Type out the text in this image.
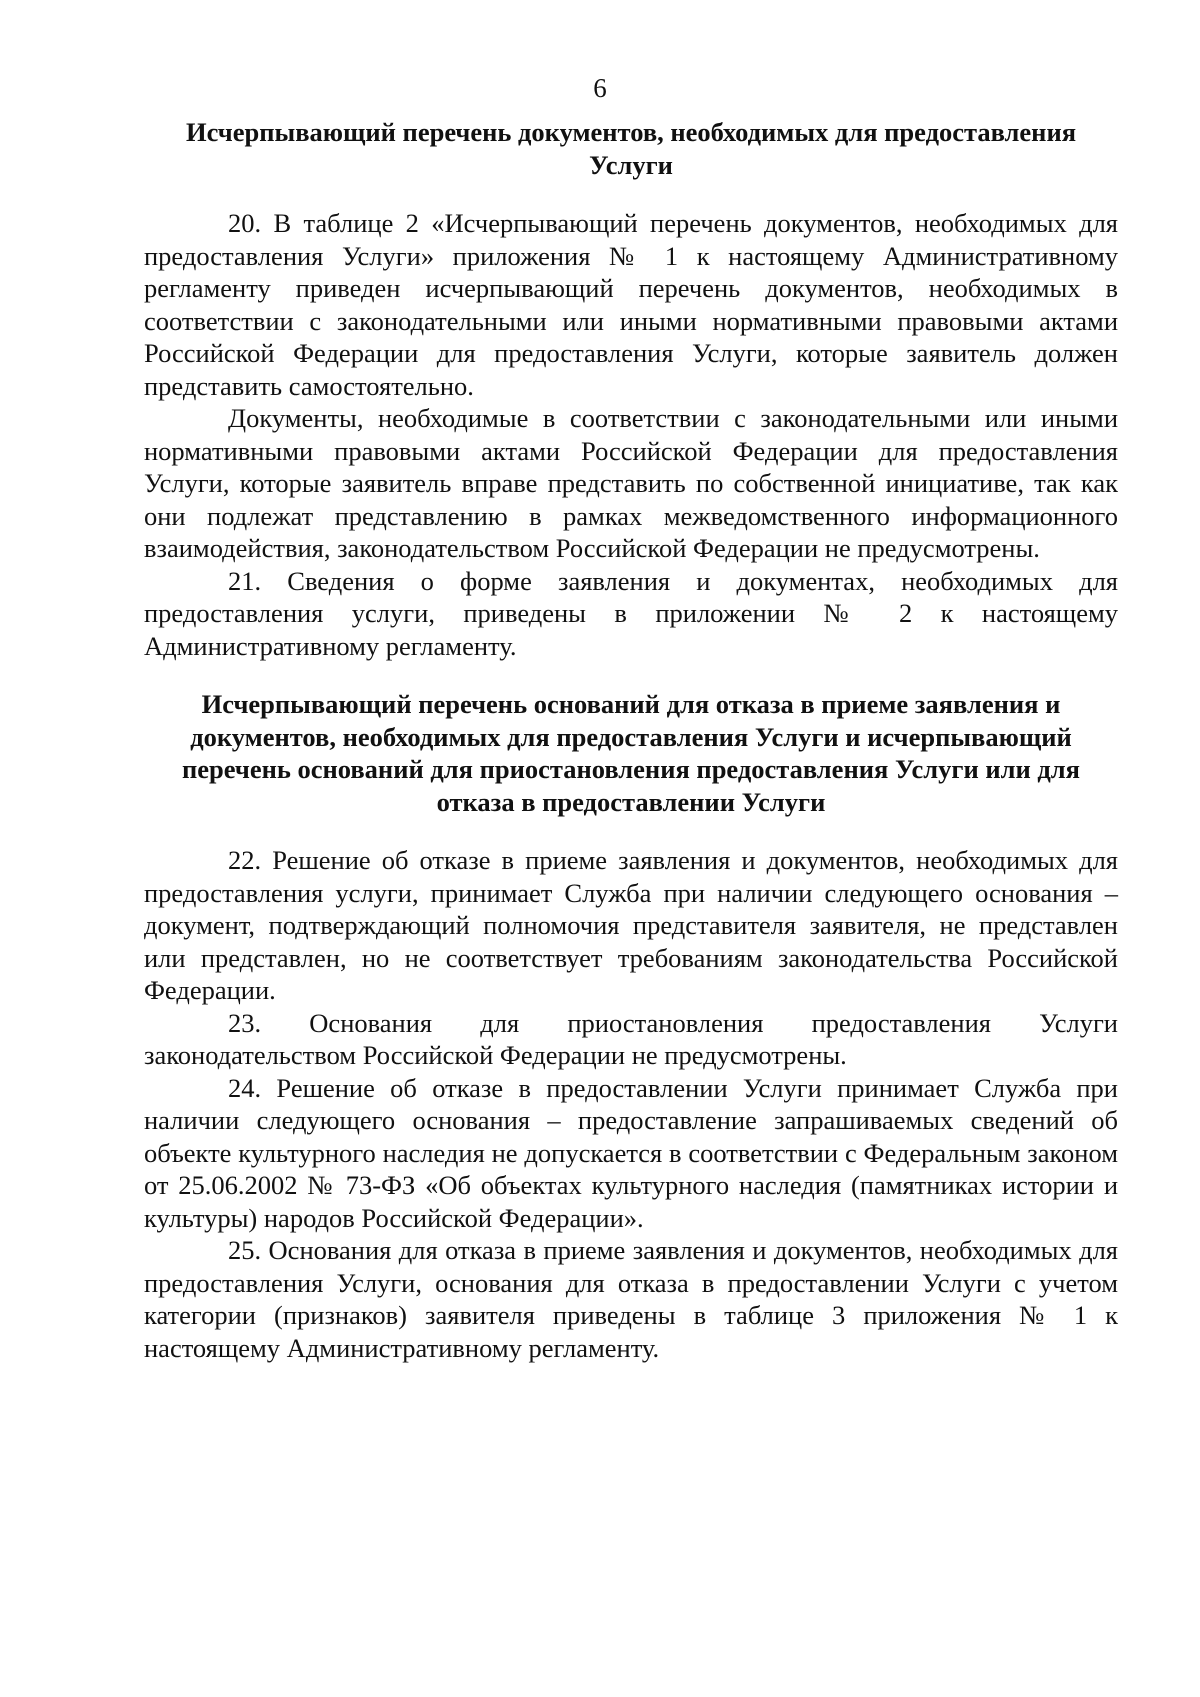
6
Исчерпывающий перечень документов, необходимых для предоставления Услуги

20. В таблице 2 «Исчерпывающий перечень документов, необходимых для предоставления Услуги» приложения № 1 к настоящему Административному регламенту приведен исчерпывающий перечень документов, необходимых в соответствии с законодательными или иными нормативными правовыми актами Российской Федерации для предоставления Услуги, которые заявитель должен представить самостоятельно.

Документы, необходимые в соответствии с законодательными или иными нормативными правовыми актами Российской Федерации для предоставления Услуги, которые заявитель вправе представить по собственной инициативе, так как они подлежат представлению в рамках межведомственного информационного взаимодействия, законодательством Российской Федерации не предусмотрены.

21. Сведения о форме заявления и документах, необходимых для предоставления услуги, приведены в приложении № 2 к настоящему Административному регламенту.

Исчерпывающий перечень оснований для отказа в приеме заявления и документов, необходимых для предоставления Услуги и исчерпывающий перечень оснований для приостановления предоставления Услуги или для отказа в предоставлении Услуги

22. Решение об отказе в приеме заявления и документов, необходимых для предоставления услуги, принимает Служба при наличии следующего основания – документ, подтверждающий полномочия представителя заявителя, не представлен или представлен, но не соответствует требованиям законодательства Российской Федерации.

23. Основания для приостановления предоставления Услуги законодательством Российской Федерации не предусмотрены.

24. Решение об отказе в предоставлении Услуги принимает Служба при наличии следующего основания – предоставление запрашиваемых сведений об объекте культурного наследия не допускается в соответствии с Федеральным законом от 25.06.2002 № 73-ФЗ «Об объектах культурного наследия (памятниках истории и культуры) народов Российской Федерации».

25. Основания для отказа в приеме заявления и документов, необходимых для предоставления Услуги, основания для отказа в предоставлении Услуги с учетом категории (признаков) заявителя приведены в таблице 3 приложения № 1 к настоящему Административному регламенту.
